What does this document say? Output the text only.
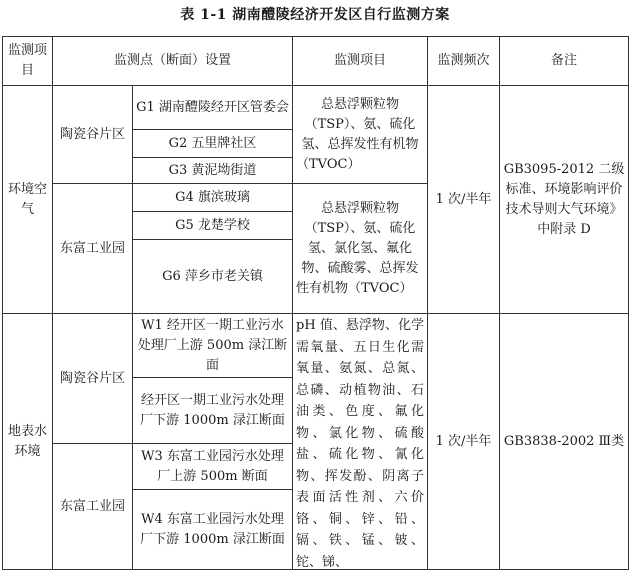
表 1-1 湖南醴陵经济开发区自行监测方案
监测项目	监测点（断面）设置		监测项目	监测频次	备注
环境空气	陶瓷谷片区	G1 湖南醴陵经开区管委会	总悬浮颗粒物（TSP）、氨、硫化氢、总挥发性有机物（TVOC）	1 次/半年	GB3095-2012 二级标准、环境影响评价技术导则大气环境》中附录 D
		G2 五里牌社区			
		G3 黄泥坳街道			
	东富工业园	G4 旗滨玻璃	总悬浮颗粒物（TSP）、氨、硫化氢、氯化氢、氟化物、硫酸雾、总挥发性有机物（TVOC）		
		G5 龙楚学校			
		G6 萍乡市老关镇			
地表水环境	陶瓷谷片区	W1 经开区一期工业污水处理厂上游 500m 渌江断面	pH 值、悬浮物、化学需氧量、五日生化需氧量、氨氮、总氮、总磷、动植物油、石油类、色度、氟化物、氯化物、硫酸盐、硫化物、氰化物、挥发酚、阴离子表面活性剂、六价铬、铜、锌、铅、镉、铁、锰、铍、铊、锑、	1 次/半年	GB3838-2002 Ⅲ类
		经开区一期工业污水处理厂下游 1000m 渌江断面			
	东富工业园	W3 东富工业园污水处理厂上游 500m 断面			
		W4 东富工业园污水处理厂下游 1000m 渌江断面			
